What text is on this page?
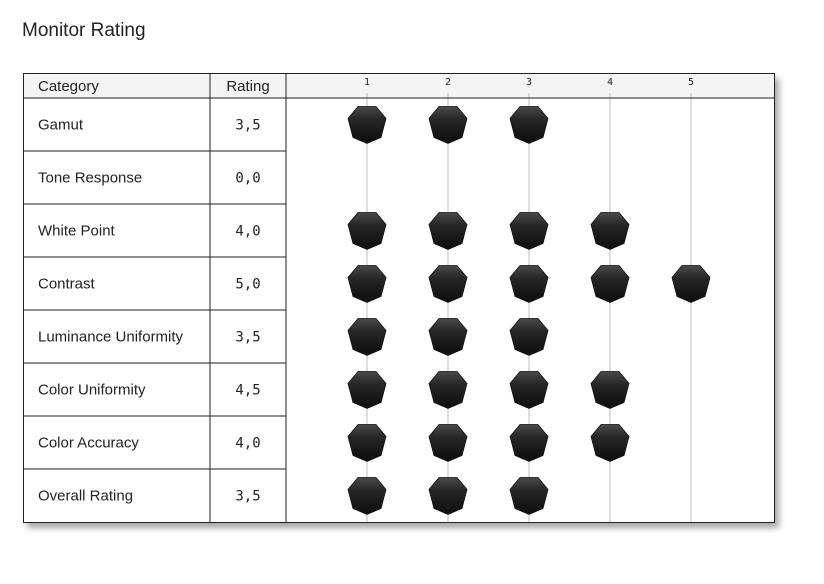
Monitor Rating
Category	Rating	1	2	3	4	5
Gamut	3,5
Tone Response	0,0
White Point	4,0
Contrast	5,0
Luminance Uniformity	3,5
Color Uniformity	4,5
Color Accuracy	4,0
Overall Rating	3,5
